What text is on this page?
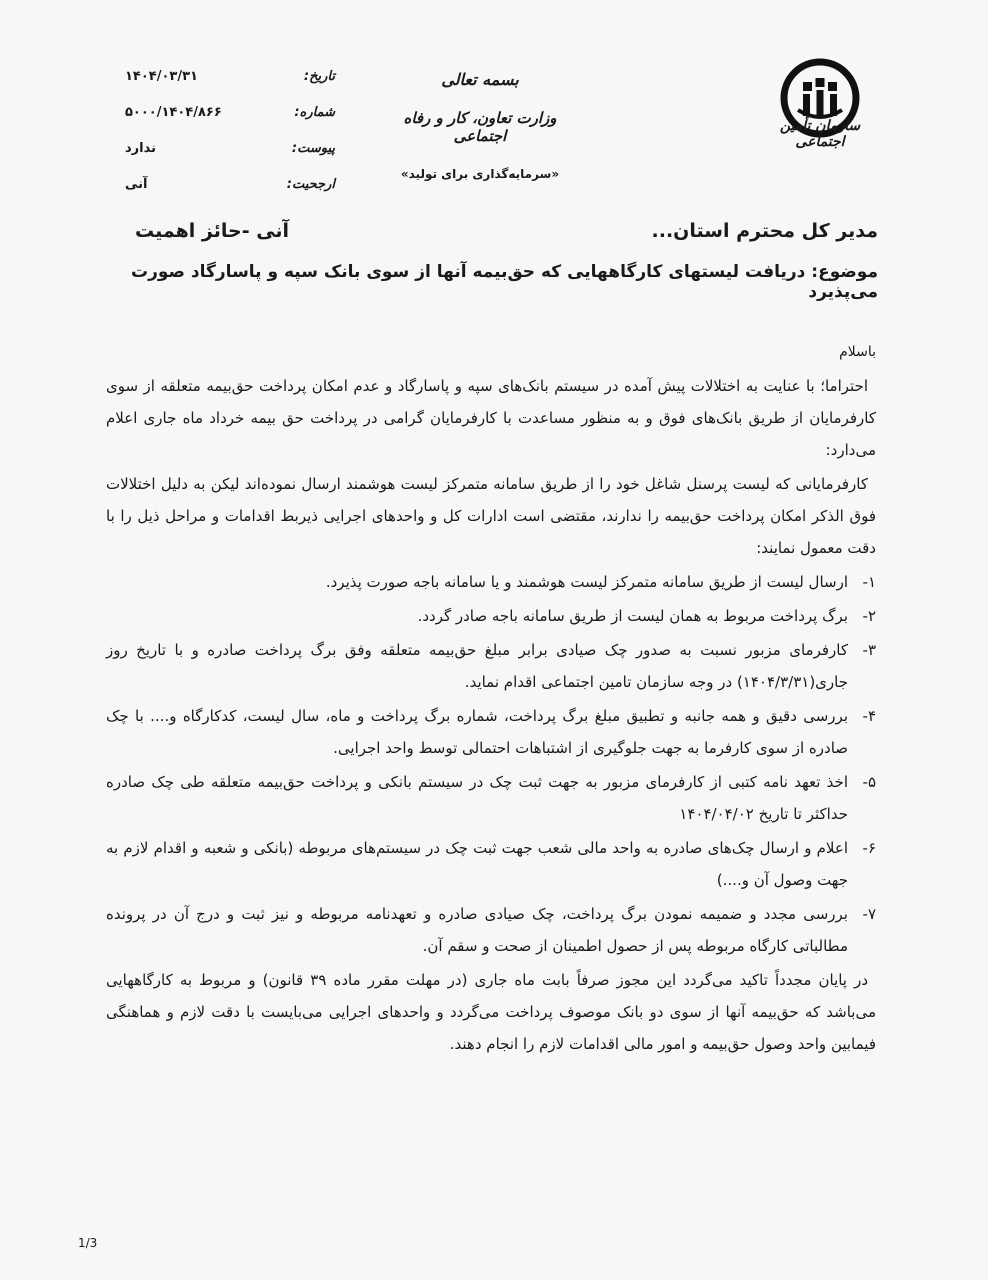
سازمان تأمین اجتماعی
بسمه تعالی
وزارت تعاون، کار و رفاه اجتماعی
«سرمایه‌گذاری برای تولید»
تاریخ:
۱۴۰۴/۰۳/۳۱
شماره:
۵۰۰۰/۱۴۰۴/۸۶۶
پیوست:
ندارد
ارجحیت:
آنی
مدیر کل محترم استان...
آنی -حائز اهمیت
موضوع: دریافت لیستهای کارگاههایی که حق‌بیمه آنها از سوی بانک سپه و پاسارگاد صورت می‌پذیرد

باسلام

احتراما؛ با عنایت به اختلالات پیش آمده در سیستم بانک‌های سپه و پاسارگاد و عدم امکان پرداخت حق‌بیمه متعلقه از سوی کارفرمایان از طریق بانک‌های فوق و به منظور مساعدت با کارفرمایان گرامی در پرداخت حق بیمه خرداد ماه جاری اعلام می‌دارد:

کارفرمایانی که لیست پرسنل شاغل خود را از طریق سامانه متمرکز لیست هوشمند ارسال نموده‌اند لیکن به دلیل اختلالات فوق الذکر امکان پرداخت حق‌بیمه را ندارند، مقتضی است ادارات کل و واحدهای اجرایی ذیربط اقدامات و مراحل ذیل را با دقت معمول نمایند:

۱-
ارسال لیست از طریق سامانه متمرکز لیست هوشمند و یا سامانه باجه صورت پذیرد.
۲-
برگ پرداخت مربوط به همان لیست از طریق سامانه باجه صادر گردد.
۳-
کارفرمای مزبور نسبت به صدور چک صیادی برابر مبلغ حق‌بیمه متعلقه وفق برگ پرداخت صادره و با تاریخ روز جاری(۱۴۰۴/۳/۳۱) در وجه سازمان تامین اجتماعی اقدام نماید.
۴-
بررسی دقیق و همه جانبه و تطبیق مبلغ برگ پرداخت، شماره برگ پرداخت و ماه، سال لیست، کدکارگاه و.... با چک صادره از سوی کارفرما به جهت جلوگیری از اشتباهات احتمالی توسط واحد اجرایی.
۵-
اخذ تعهد نامه کتبی از کارفرمای مزبور به جهت ثبت چک در سیستم بانکی و پرداخت حق‌بیمه متعلقه طی چک صادره حداکثر تا تاریخ ۱۴۰۴/۰۴/۰۲
۶-
اعلام و ارسال چک‌های صادره به واحد مالی شعب جهت ثبت چک در سیستم‌های مربوطه (بانکی و شعبه و اقدام لازم به جهت وصول آن و....)
۷-
بررسی مجدد و ضمیمه نمودن برگ پرداخت، چک صیادی صادره و تعهدنامه مربوطه و نیز ثبت و درج آن در پرونده مطالباتی کارگاه مربوطه پس از حصول اطمینان از صحت و سقم آن.

در پایان مجدداً تاکید می‌گردد این مجوز صرفاً بابت ماه جاری (در مهلت مقرر ماده ۳۹ قانون) و مربوط به کارگاههایی می‌باشد که حق‌بیمه آنها از سوی دو بانک موصوف پرداخت می‌گردد و واحدهای اجرایی می‌بایست با دقت لازم و هماهنگی فیمابین واحد وصول حق‌بیمه و امور مالی اقدامات لازم را انجام دهند.

1/3
